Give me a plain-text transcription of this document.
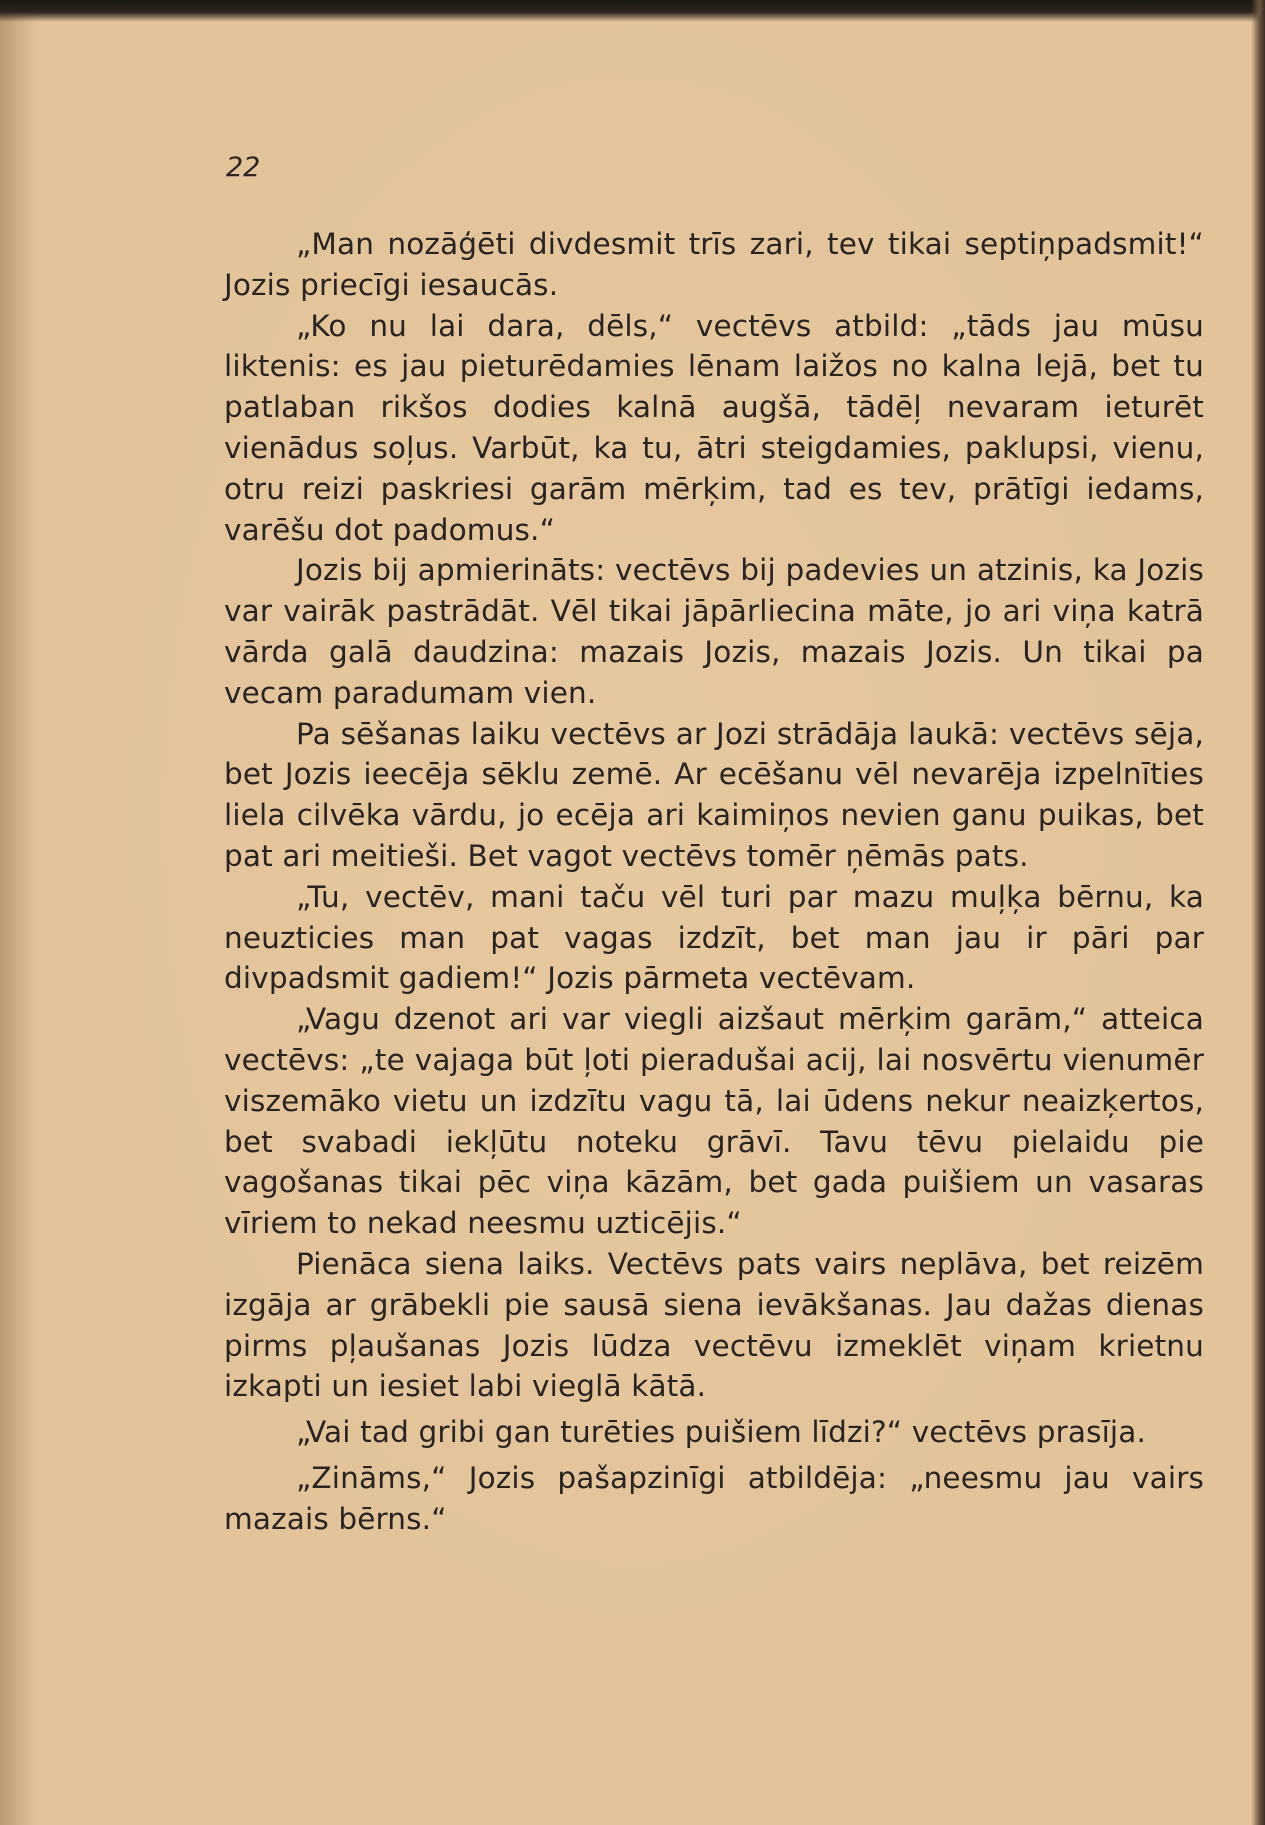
22

„Man nozāģēti divdesmit trīs zari, tev tikai septiņpadsmit!“ Jozis priecīgi iesaucās.

„Ko nu lai dara, dēls,“ vectēvs atbild: „tāds jau mūsu liktenis: es jau pieturēdamies lēnam laižos no kalna lejā, bet tu patlaban rikšos dodies kalnā augšā, tādēļ nevaram ieturēt vienādus soļus. Varbūt, ka tu, ātri steigdamies, paklupsi, vienu, otru reizi paskriesi garām mērķim, tad es tev, prātīgi iedams, varēšu dot padomus.“

Jozis bij apmierināts: vectēvs bij padevies un atzinis, ka Jozis var vairāk pastrādāt. Vēl tikai jāpārliecina māte, jo ari viņa katrā vārda galā daudzina: mazais Jozis, mazais Jozis. Un tikai pa vecam paradumam vien.

Pa sēšanas laiku vectēvs ar Jozi strādāja laukā: vectēvs sēja, bet Jozis ieecēja sēklu zemē. Ar ecēšanu vēl nevarēja izpelnīties liela cilvēka vārdu, jo ecēja ari kaimiņos nevien ganu puikas, bet pat ari meitieši. Bet vagot vectēvs tomēr ņēmās pats.

„Tu, vectēv, mani taču vēl turi par mazu muļķa bērnu, ka neuzticies man pat vagas izdzīt, bet man jau ir pāri par divpadsmit gadiem!“ Jozis pārmeta vectēvam.

„Vagu dzenot ari var viegli aizšaut mērķim garām,“ atteica vectēvs: „te vajaga būt ļoti pieradušai acij, lai nosvērtu vienumēr viszemāko vietu un izdzītu vagu tā, lai ūdens nekur neaizķertos, bet svabadi iekļūtu noteku grāvī. Tavu tēvu pielaidu pie vagošanas tikai pēc viņa kāzām, bet gada puišiem un vasaras vīriem to nekad neesmu uzticējis.“

Pienāca siena laiks. Vectēvs pats vairs neplāva, bet reizēm izgāja ar grābekli pie sausā siena ievākšanas. Jau dažas dienas pirms pļaušanas Jozis lūdza vectēvu izmeklēt viņam krietnu izkapti un iesiet labi vieglā kātā.

„Vai tad gribi gan turēties puišiem līdzi?“ vectēvs prasīja.

„Zināms,“ Jozis pašapzinīgi atbildēja: „neesmu jau vairs mazais bērns.“
